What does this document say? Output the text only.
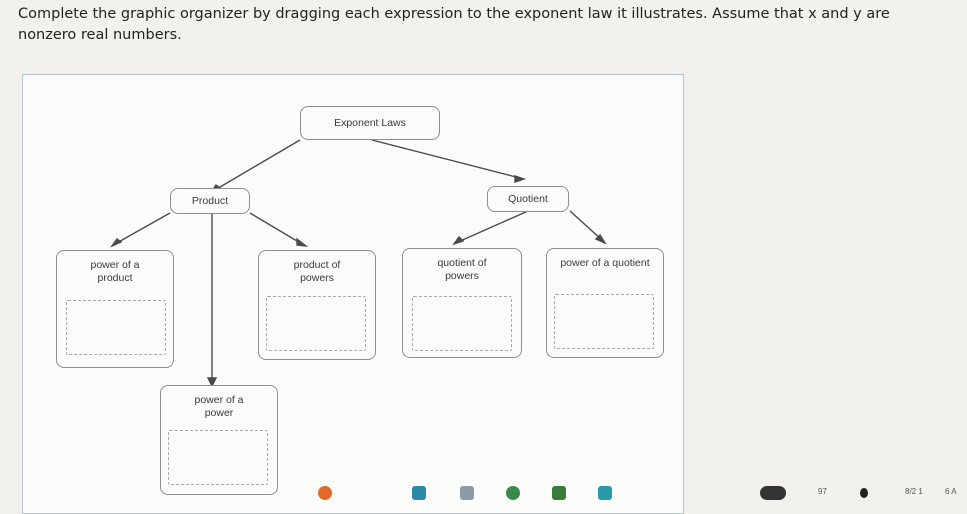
Complete the graphic organizer by dragging each expression to the exponent law it illustrates. Assume that x and y are nonzero real numbers.
Exponent Laws
Product	Quotient
power of a product
product of powers
quotient of powers
power of a quotient
power of a power
97	8/2 1	6 A
